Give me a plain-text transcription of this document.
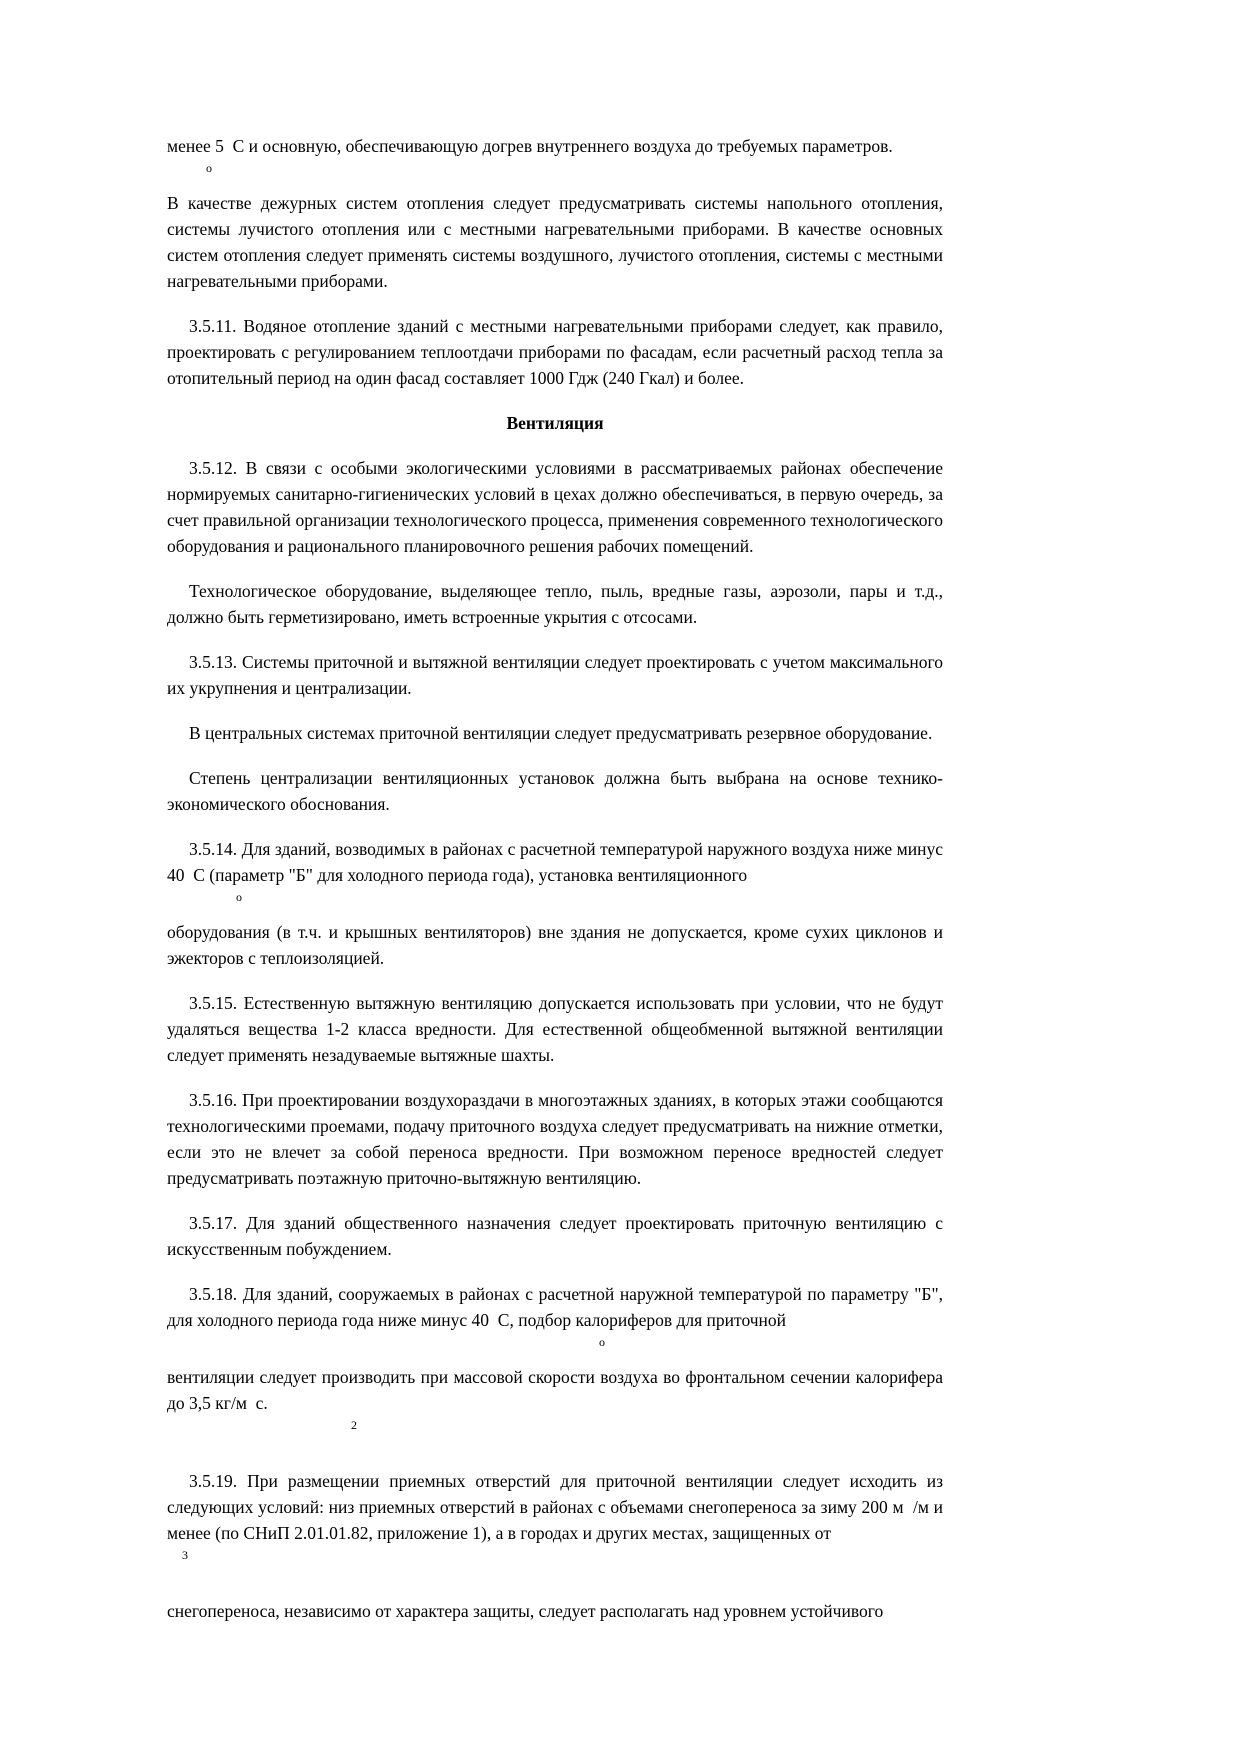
менее 5  С и основную, обеспечивающую догрев внутреннего воздуха до требуемых параметров.

о

В качестве дежурных систем отопления следует предусматривать системы напольного отопления, системы лучистого отопления или с местными нагревательными приборами. В качестве основных систем отопления следует применять системы воздушного, лучистого отопления, системы с местными нагревательными приборами.

3.5.11. Водяное отопление зданий с местными нагревательными приборами следует, как правило, проектировать с регулированием теплоотдачи приборами по фасадам, если расчетный расход тепла за отопительный период на один фасад составляет 1000 Гдж (240 Гкал) и более.

Вентиляция

3.5.12. В связи с особыми экологическими условиями в рассматриваемых районах обеспечение нормируемых санитарно-гигиенических условий в цехах должно обеспечиваться, в первую очередь, за счет правильной организации технологического процесса, применения современного технологического оборудования и рационального планировочного решения рабочих помещений.

Технологическое оборудование, выделяющее тепло, пыль, вредные газы, аэрозоли, пары и т.д., должно быть герметизировано, иметь встроенные укрытия с отсосами.

3.5.13. Системы приточной и вытяжной вентиляции следует проектировать с учетом максимального их укрупнения и централизации.

В центральных системах приточной вентиляции следует предусматривать резервное оборудование.

Степень централизации вентиляционных установок должна быть выбрана на основе технико-экономического обоснования.

3.5.14. Для зданий, возводимых в районах с расчетной температурой наружного воздуха ниже минус 40  С (параметр "Б" для холодного периода года), установка вентиляционного

о

оборудования (в т.ч. и крышных вентиляторов) вне здания не допускается, кроме сухих циклонов и эжекторов с теплоизоляцией.

3.5.15. Естественную вытяжную вентиляцию допускается использовать при условии, что не будут удаляться вещества 1-2 класса вредности. Для естественной общеобменной вытяжной вентиляции следует применять незадуваемые вытяжные шахты.

3.5.16. При проектировании воздухораздачи в многоэтажных зданиях, в которых этажи сообщаются технологическими проемами, подачу приточного воздуха следует предусматривать на нижние отметки, если это не влечет за собой переноса вредности. При возможном переносе вредностей следует предусматривать поэтажную приточно-вытяжную вентиляцию.

3.5.17. Для зданий общественного назначения следует проектировать приточную вентиляцию с искусственным побуждением.

3.5.18. Для зданий, сооружаемых в районах с расчетной наружной температурой по параметру "Б", для холодного периода года ниже минус 40  С, подбор калориферов для приточной

о

вентиляции следует производить при массовой скорости воздуха во фронтальном сечении калорифера до 3,5 кг/м  с.

2

3.5.19. При размещении приемных отверстий для приточной вентиляции следует исходить из следующих условий: низ приемных отверстий в районах с объемами снегопереноса за зиму 200 м  /м и менее (по СНиП 2.01.01.82, приложение 1), а в городах и других местах, защищенных от

3

снегопереноса, независимо от характера защиты, следует располагать над уровнем устойчивого
